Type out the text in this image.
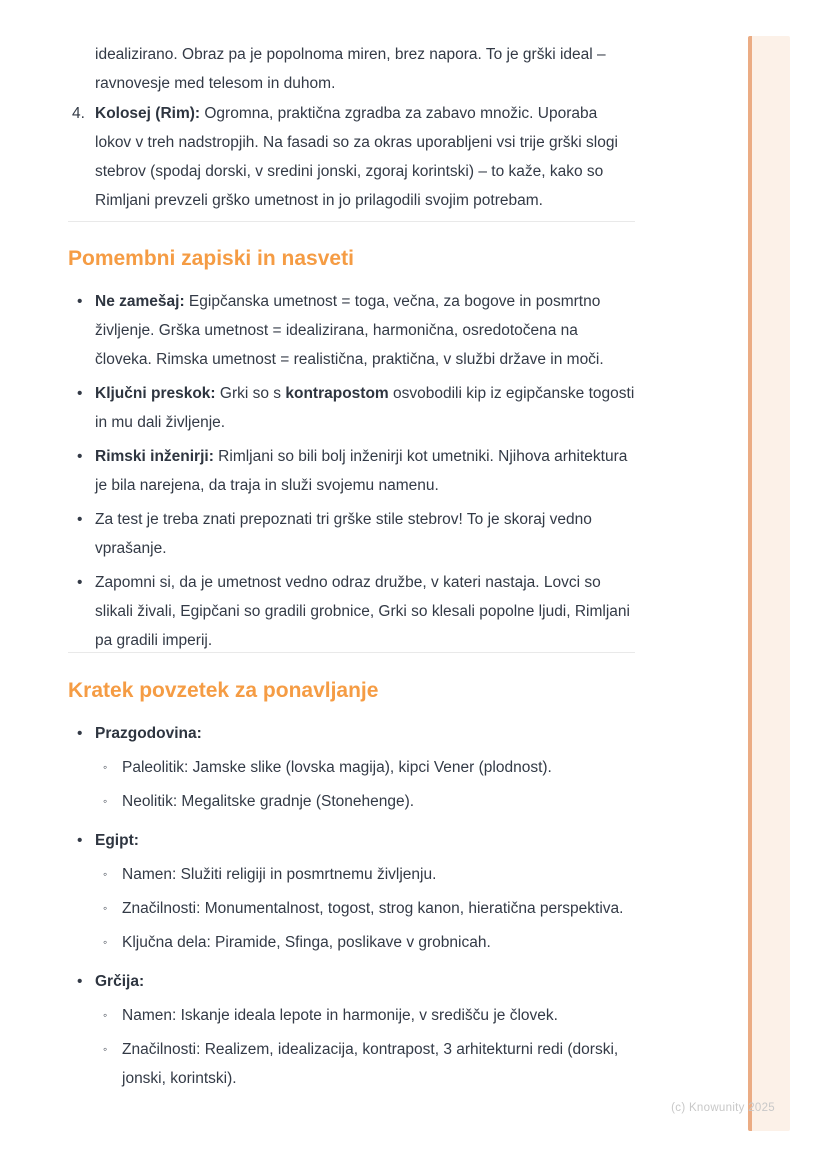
idealizirano. Obraz pa je popolnoma miren, brez napora. To je grški ideal – ravnovesje med telesom in duhom.

4. Kolosej (Rim): Ogromna, praktična zgradba za zabavo množic. Uporaba lokov v treh nadstropjih. Na fasadi so za okras uporabljeni vsi trije grški slogi stebrov (spodaj dorski, v sredini jonski, zgoraj korintski) – to kaže, kako so Rimljani prevzeli grško umetnost in jo prilagodili svojim potrebam.
Pomembni zapiski in nasveti
• Ne zamešaj: Egipčanska umetnost = toga, večna, za bogove in posmrtno življenje. Grška umetnost = idealizirana, harmonična, osredotočena na človeka. Rimska umetnost = realistična, praktična, v službi države in moči.
• Ključni preskok: Grki so s kontrapostom osvobodili kip iz egipčanske togosti in mu dali življenje.
• Rimski inženirji: Rimljani so bili bolj inženirji kot umetniki. Njihova arhitektura je bila narejena, da traja in služi svojemu namenu.
• Za test je treba znati prepoznati tri grške stile stebrov! To je skoraj vedno vprašanje.
• Zapomni si, da je umetnost vedno odraz družbe, v kateri nastaja. Lovci so slikali živali, Egipčani so gradili grobnice, Grki so klesali popolne ljudi, Rimljani pa gradili imperij.
Kratek povzetek za ponavljanje
• Prazgodovina:
◦ Paleolitik: Jamske slike (lovska magija), kipci Vener (plodnost).
◦ Neolitik: Megalitske gradnje (Stonehenge).
• Egipt:
◦ Namen: Služiti religiji in posmrtnemu življenju.
◦ Značilnosti: Monumentalnost, togost, strog kanon, hieratična perspektiva.
◦ Ključna dela: Piramide, Sfinga, poslikave v grobnicah.
• Grčija:
◦ Namen: Iskanje ideala lepote in harmonije, v središču je človek.
◦ Značilnosti: Realizem, idealizacija, kontrapost, 3 arhitekturni redi (dorski, jonski, korintski).
(c) Knowunity 2025
